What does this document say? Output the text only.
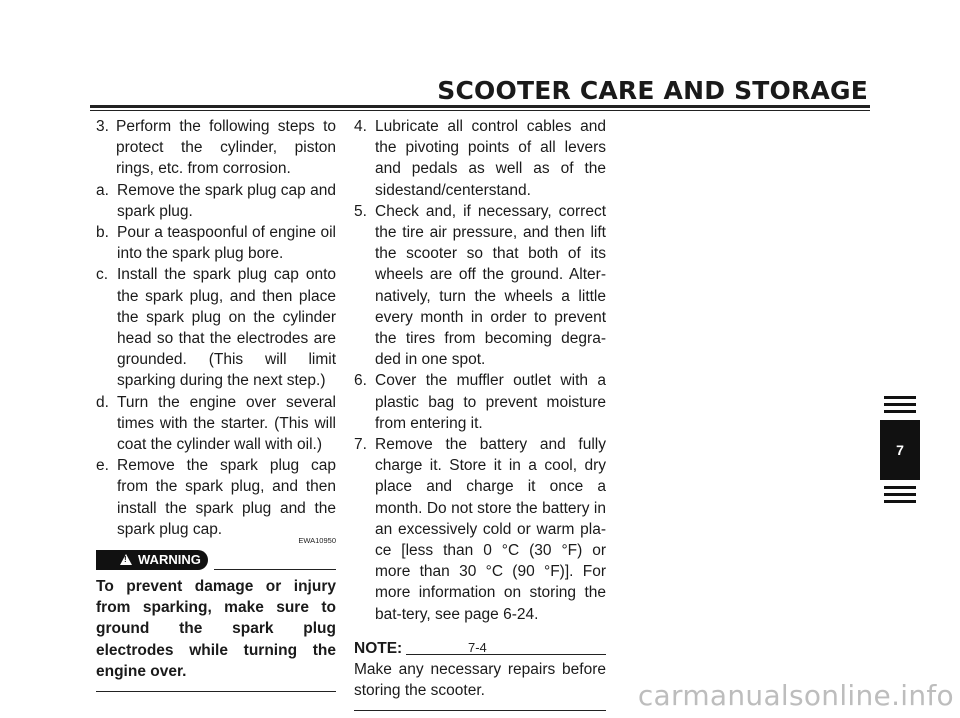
SCOOTER CARE AND STORAGE
3. Perform the following steps to protect the cylinder, piston rings, etc. from corrosion.
a. Remove the spark plug cap and spark plug.
b. Pour a teaspoonful of engine oil into the spark plug bore.
c. Install the spark plug cap onto the spark plug, and then place the spark plug on the cylinder head so that the electrodes are grounded. (This will limit sparking during the next step.)
d. Turn the engine over several times with the starter. (This will coat the cylinder wall with oil.)
e. Remove the spark plug cap from the spark plug, and then install the spark plug and the spark plug cap.
EWA10950
!WARNING
To prevent damage or injury from sparking, make sure to ground the spark plug electrodes while turning the engine over.
4. Lubricate all control cables and the pivoting points of all levers and pedals as well as of the sidestand/centerstand.
5. Check and, if necessary, correct the tire air pressure, and then lift the scooter so that both of its wheels are off the ground. Alter-natively, turn the wheels a little every month in order to prevent the tires from becoming degra-ded in one spot.
6. Cover the muffler outlet with a plastic bag to prevent moisture from entering it.
7. Remove the battery and fully charge it. Store it in a cool, dry place and charge it once a month. Do not store the battery in an excessively cold or warm pla-ce [less than 0 °C (30 °F) or more than 30 °C (90 °F)]. For more information on storing the bat-tery, see page 6-24.
NOTE:
Make any necessary repairs before storing the scooter.
7-4
7
carmanualsonline.info
